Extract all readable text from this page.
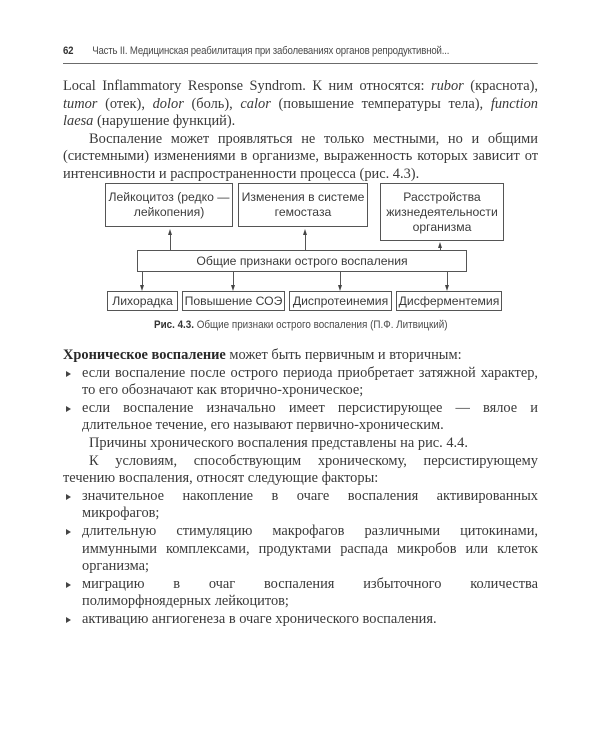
62 Часть II. Медицинская реабилитация при заболеваниях органов репродуктивной...

Local Inflammatory Response Syndrom. К ним относятся: rubor (краснота), tumor (отек), dolor (боль), calor (повышение температуры тела), function laesa (нарушение функций).

Воспаление может проявляться не только местными, но и общими (системными) изменениями в организме, выраженность которых зависит от интенсивности и распространенности процесса (рис. 4.3).

Лейкоцитоз (редко — лейкопения)
Изменения в системе гемостаза
Расстройства жизнедеятельности организма
Общие признаки острого воспаления
Лихорадка Повышение СОЭ Диспротеинемия Дисферментемия
Рис. 4.3. Общие признаки острого воспаления (П.Ф. Литвицкий)

Хроническое воспаление может быть первичным и вторичным:

если воспаление после острого периода приобретает затяжной характер, то его обозначают как вторично-хроническое;
если воспаление изначально имеет персистирующее — вялое и длительное течение, его называют первично-хроническим.

Причины хронического воспаления представлены на рис. 4.4.

К условиям, способствующим хроническому, персистирующему течению воспаления, относят следующие факторы:

значительное накопление в очаге воспаления активированных микрофагов;
длительную стимуляцию макрофагов различными цитокинами, иммунными комплексами, продуктами распада микробов или клеток организма;
миграцию в очаг воспаления избыточного количества полиморфноядерных лейкоцитов;
активацию ангиогенеза в очаге хронического воспаления.
